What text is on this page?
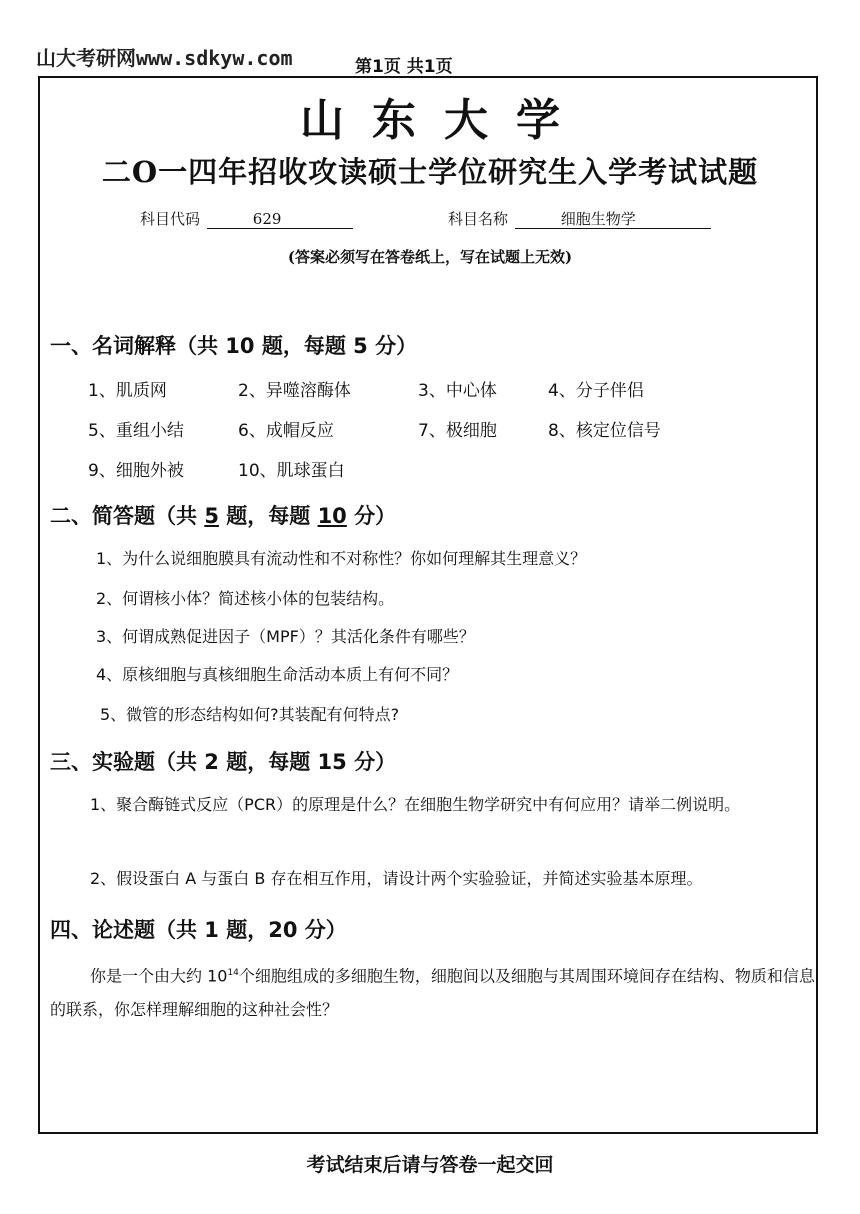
山大考研网www.sdkyw.com	第1页 共1页
山东大学
二O一四年招收攻读硕士学位研究生入学考试试题
科目代码	629	科目名称	细胞生物学
(答案必须写在答卷纸上，写在试题上无效)
一、名词解释（共 10 题，每题 5 分）
1、肌质网	2、异噬溶酶体	3、中心体	4、分子伴侣
5、重组小结	6、成帽反应	7、极细胞	8、核定位信号
9、细胞外被	10、肌球蛋白
二、简答题（共 5 题，每题 10 分）
1、为什么说细胞膜具有流动性和不对称性？你如何理解其生理意义？
2、何谓核小体？简述核小体的包装结构。
3、何谓成熟促进因子（MPF）？其活化条件有哪些？
4、原核细胞与真核细胞生命活动本质上有何不同？
5、微管的形态结构如何?其装配有何特点?
三、实验题（共 2 题，每题 15 分）
1、聚合酶链式反应（PCR）的原理是什么？在细胞生物学研究中有何应用？请举二例说明。
2、假设蛋白 A 与蛋白 B 存在相互作用，请设计两个实验验证，并简述实验基本原理。
四、论述题（共 1 题，20 分）
你是一个由大约 $10^{14}$个细胞组成的多细胞生物，细胞间以及细胞与其周围环境间存在结构、物质和信息的联系，你怎样理解细胞的这种社会性？
考试结束后请与答卷一起交回
